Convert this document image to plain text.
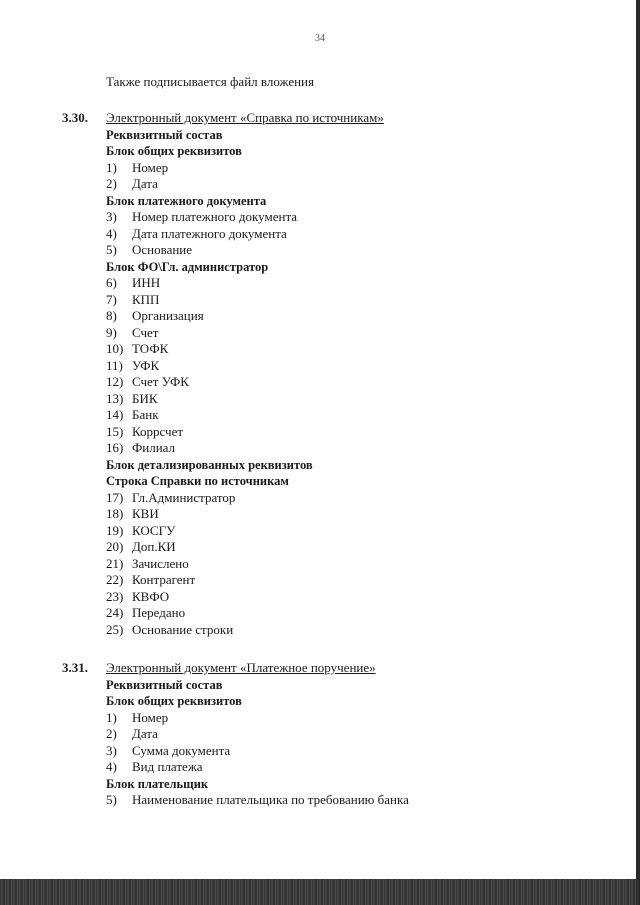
34
Также подписывается файл вложения
3.30. Электронный документ «Справка по источникам»
Реквизитный состав
Блок общих реквизитов
1)	Номер
2)	Дата
Блок платежного документа
3)	Номер платежного документа
4)	Дата платежного документа
5)	Основание
Блок ФО\Гл. администратор
6)	ИНН
7)	КПП
8)	Организация
9)	Счет
10) ТОФК
11) УФК
12) Счет УФК
13) БИК
14) Банк
15) Коррсчет
16) Филиал
Блок детализированных реквизитов
Строка Справки по источникам
17) Гл.Администратор
18) КВИ
19) КОСГУ
20) Доп.КИ
21) Зачислено
22) Контрагент
23) КВФО
24) Передано
25) Основание строки
3.31. Электронный документ «Платежное поручение»
Реквизитный состав
Блок общих реквизитов
1)	Номер
2)	Дата
3)	Сумма документа
4)	Вид платежа
Блок плательщик
5)	Наименование плательщика по требованию банка
